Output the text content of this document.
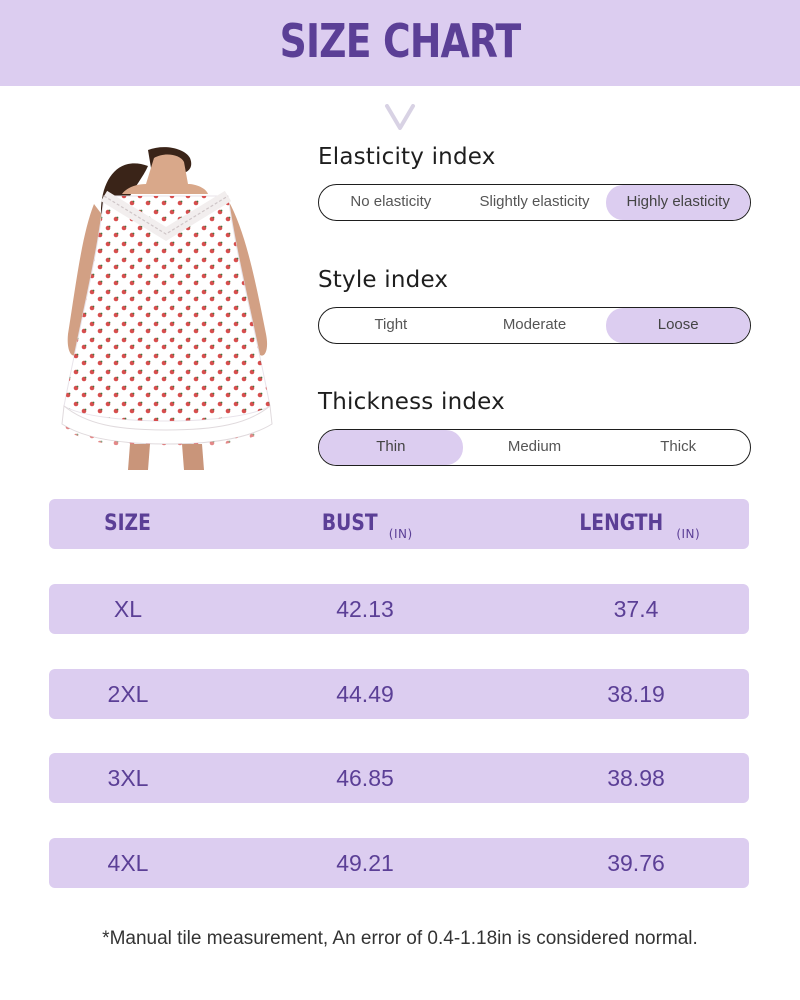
SIZE CHART
Elasticity index
No elasticity	Slightly elasticity	Highly elasticity
Style index
Tight	Moderate	Loose
Thickness index
Thin	Medium	Thick
SIZE	BUST $_{(IN)}$	LENGTH $_{(IN)}$
XL	42.13	37.4
2XL	44.49	38.19
3XL	46.85	38.98
4XL	49.21	39.76
*Manual tile measurement, An error of 0.4-1.18in is considered normal.
